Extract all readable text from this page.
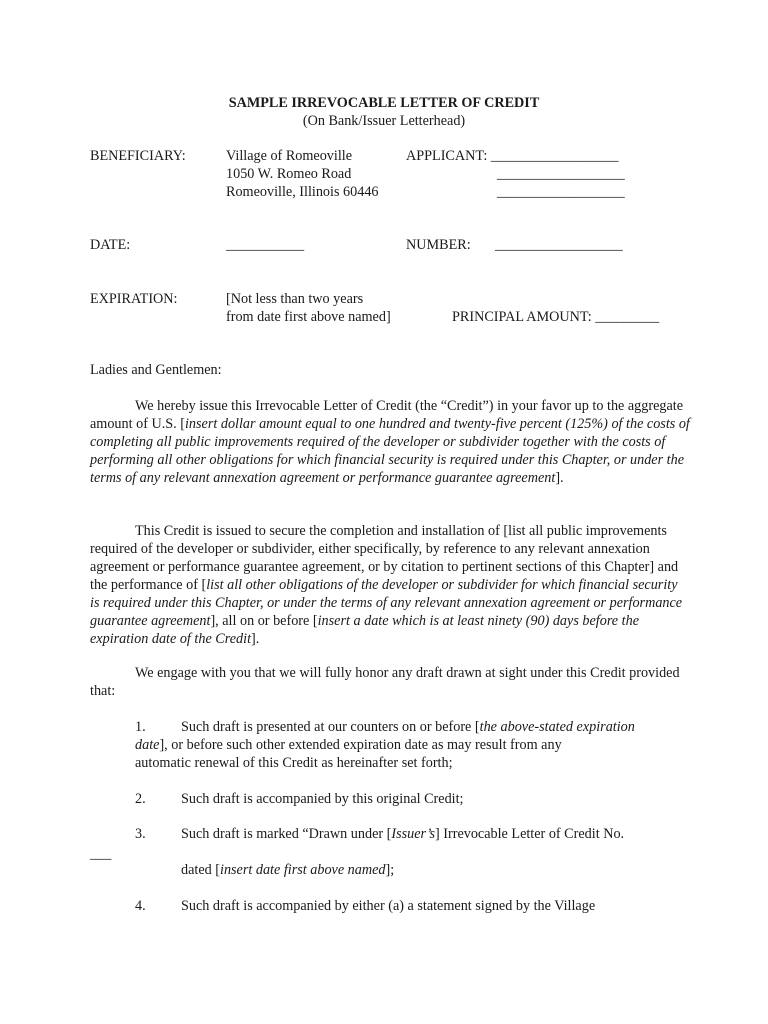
SAMPLE IRREVOCABLE LETTER OF CREDIT
(On Bank/Issuer Letterhead)
BENEFICIARY:	Village of Romeoville
1050 W. Romeo Road
Romeoville, Illinois 60446
APPLICANT: __________________
__________________
__________________
DATE:	___________	NUMBER: __________________
EXPIRATION:	[Not less than two years
from date first above named]	PRINCIPAL AMOUNT: _________
Ladies and Gentlemen:
We hereby issue this Irrevocable Letter of Credit (the “Credit”) in your favor up to the aggregate amount of U.S. [insert dollar amount equal to one hundred and twenty-five percent (125%) of the costs of completing all public improvements required of the developer or subdivider together with the costs of performing all other obligations for which financial security is required under this Chapter, or under the terms of any relevant annexation agreement or performance guarantee agreement].
This Credit is issued to secure the completion and installation of [list all public improvements required of the developer or subdivider, either specifically, by reference to any relevant annexation agreement or performance guarantee agreement, or by citation to pertinent sections of this Chapter] and the performance of [list all other obligations of the developer or subdivider for which financial security is required under this Chapter, or under the terms of any relevant annexation agreement or performance guarantee agreement], all on or before [insert a date which is at least ninety (90) days before the expiration date of the Credit].
We engage with you that we will fully honor any draft drawn at sight under this Credit provided that:
1. Such draft is presented at our counters on or before [the above-stated expiration
date], or before such other extended expiration date as may result from any
automatic renewal of this Credit as hereinafter set forth;
2. Such draft is accompanied by this original Credit;
3. Such draft is marked “Drawn under [Issuer’s] Irrevocable Letter of Credit No.
___
dated [insert date first above named];
4. Such draft is accompanied by either (a) a statement signed by the Village
